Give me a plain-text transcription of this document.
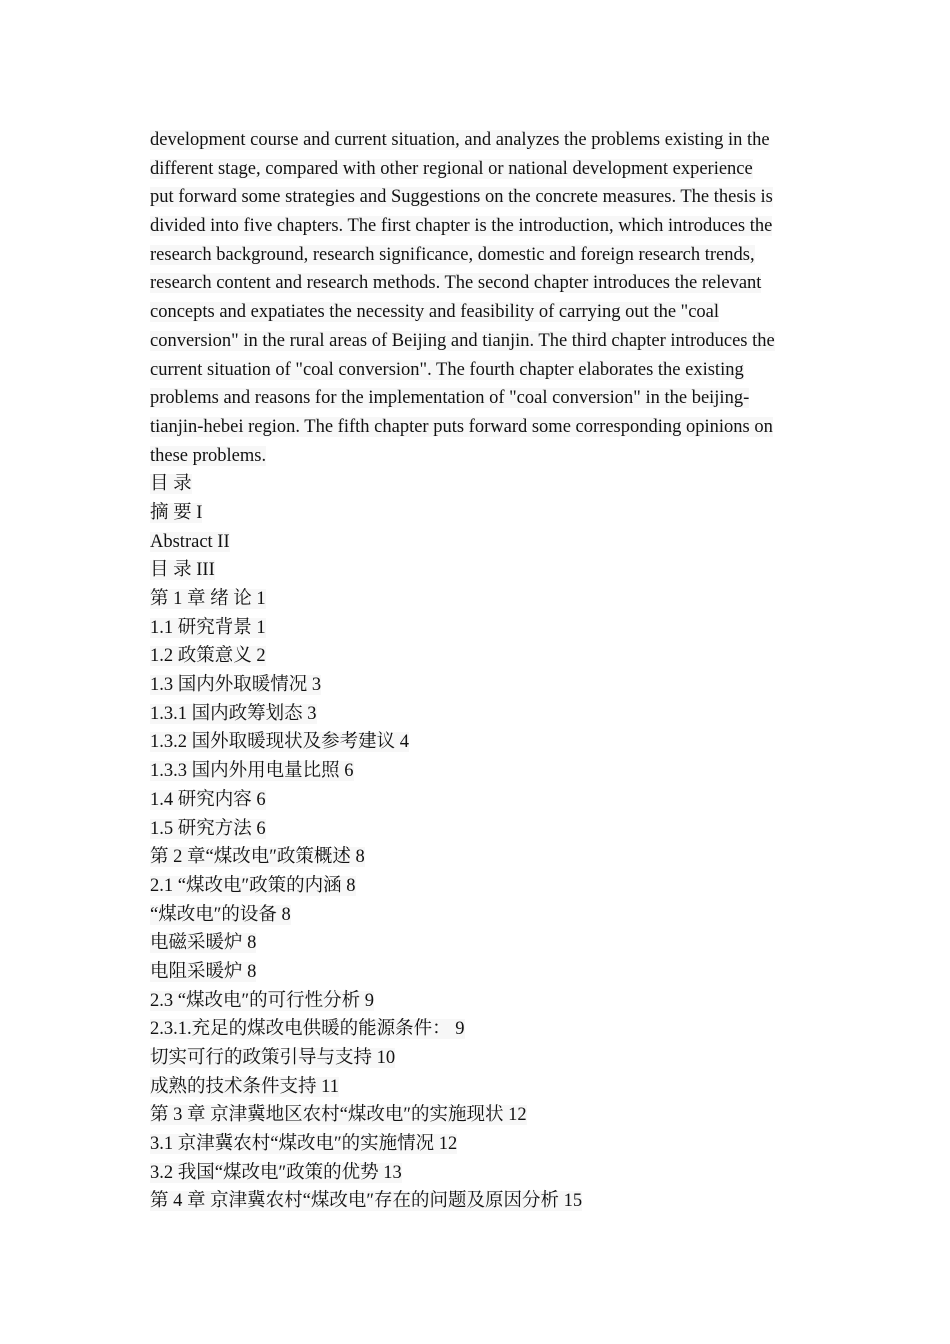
development course and current situation, and analyzes the problems existing in the
different stage, compared with other regional or national development experience
put forward some strategies and Suggestions on the concrete measures. The thesis is
divided into five chapters. The first chapter is the introduction, which introduces the
research background, research significance, domestic and foreign research trends,
research content and research methods. The second chapter introduces the relevant
concepts and expatiates the necessity and feasibility of carrying out the "coal
conversion" in the rural areas of Beijing and tianjin. The third chapter introduces the
current situation of "coal conversion". The fourth chapter elaborates the existing
problems and reasons for the implementation of "coal conversion" in the beijing-
tianjin-hebei region. The fifth chapter puts forward some corresponding opinions on
these problems.
目 录
摘 要 I
Abstract II
目 录 III
第 1 章 绪 论 1
1.1 研究背景 1
1.2 政策意义 2
1.3 国内外取暖情况 3
1.3.1 国内政筹划态 3
1.3.2 国外取暖现状及参考建议 4
1.3.3 国内外用电量比照 6
1.4 研究内容 6
1.5 研究方法 6
第 2 章“煤改电″政策概述 8
2.1 “煤改电″政策的内涵 8
“煤改电″的设备 8
电磁采暖炉 8
电阻采暖炉 8
2.3 “煤改电″的可行性分析 9
2.3.1.充足的煤改电供暖的能源条件： 9
切实可行的政策引导与支持 10
成熟的技术条件支持 11
第 3 章 京津冀地区农村“煤改电″的实施现状 12
3.1 京津冀农村“煤改电″的实施情况 12
3.2 我国“煤改电″政策的优势 13
第 4 章 京津冀农村“煤改电″存在的问题及原因分析 15
